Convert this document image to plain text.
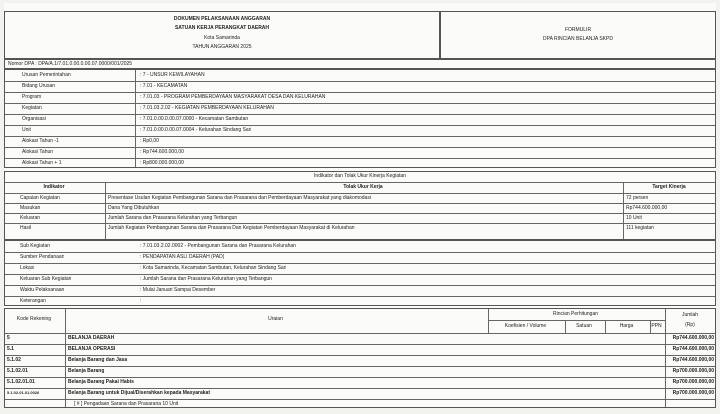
DOKUMEN PELAKSANAAN ANGGARAN
SATUAN KERJA PERANGKAT DAERAH
Kota Samarinda
TAHUN ANGGARAN 2025
FORMULIR
DPA RINCIAN BELANJA SKPD
Nomor DPA : DPA/A.1/7.01.0.00.0.00.07.0000/001/2025
Urusan Pemerintahan	: 7 - UNSUR KEWILAYAHAN
Bidang Urusan	: 7.01 - KECAMATAN
Program	: 7.01.03 - PROGRAM PEMBERDAYAAN MASYARAKAT DESA DAN KELURAHAN
Kegiatan	: 7.01.03.2.02 - KEGIATAN PEMBERDAYAAN KELURAHAN
Organisasi	: 7.01.0.00.0.00.07.0000 - Kecamatan Sambutan
Unit	: 7.01.0.00.0.00.07.0004 - Kelurahan Sindang Sari
Alokasi Tahun -1	: Rp0,00
Alokasi Tahun	: Rp744.600.000,00
Alokasi Tahun + 1	: Rp800.000.000,00
Indikator dan Tolak Ukur Kinerja Kegiatan
Indikator	Tolak Ukur Kerja	Target Kinerja
Capaian Kegiatan	Presentase Usulan Kegiatan Pembangunan Sarana dan Prasarana dan Pemberdayaan Masyarakat yang diakomodasi	72 persen
Masukan	Dana Yang Dibutuhkan	Rp744.600.000,00
Keluaran	Jumlah Sarana dan Prasarana Kelurahan yang Terbangun	10 Unit
Hasil	Jumlah Kegiatan Pembangunan Sarana dan Prasarana Dan Kegiatan Pemberdayaan Masyarakat di Kelurahan	111 kegiatan
Sub Kegiatan	: 7.01.03.2.02.0002 - Pembangunan Sarana dan Prasarana Kelurahan
Sumber Pendanaan	: PENDAPATAN ASLI DAERAH (PAD)
Lokasi	: Kota Samarinda, Kecamatan Sambutan, Kelurahan Sindang Sari
Keluaran Sub Kegiatan	: Jumlah Sarana dan Prasarana Kelurahan yang Terbangun
Waktu Pelaksanaan	: Mulai Januari Sampai Desember
Keterangan	:
Kode Rekening	Uraian
Rincian Perhitungan
Koefisien / Volume	Satuan	Harga	PPN
Jumlah
(Rp)
5	BELANJA DAERAH	Rp744.600.000,00
5.1	BELANJA OPERASI	Rp744.600.000,00
5.1.02	Belanja Barang dan Jasa	Rp744.600.000,00
5.1.02.01	Belanja Barang	Rp700.000.000,00
5.1.02.01.01	Belanja Barang Pakai Habis	Rp700.000.000,00
5.1.02.01.01.0026	Belanja Barang untuk Dijual/Diserahkan kepada Masyarakat	Rp700.000.000,00
[ # ] Pengadaan Sarana dan Prasarana 10 Unit
